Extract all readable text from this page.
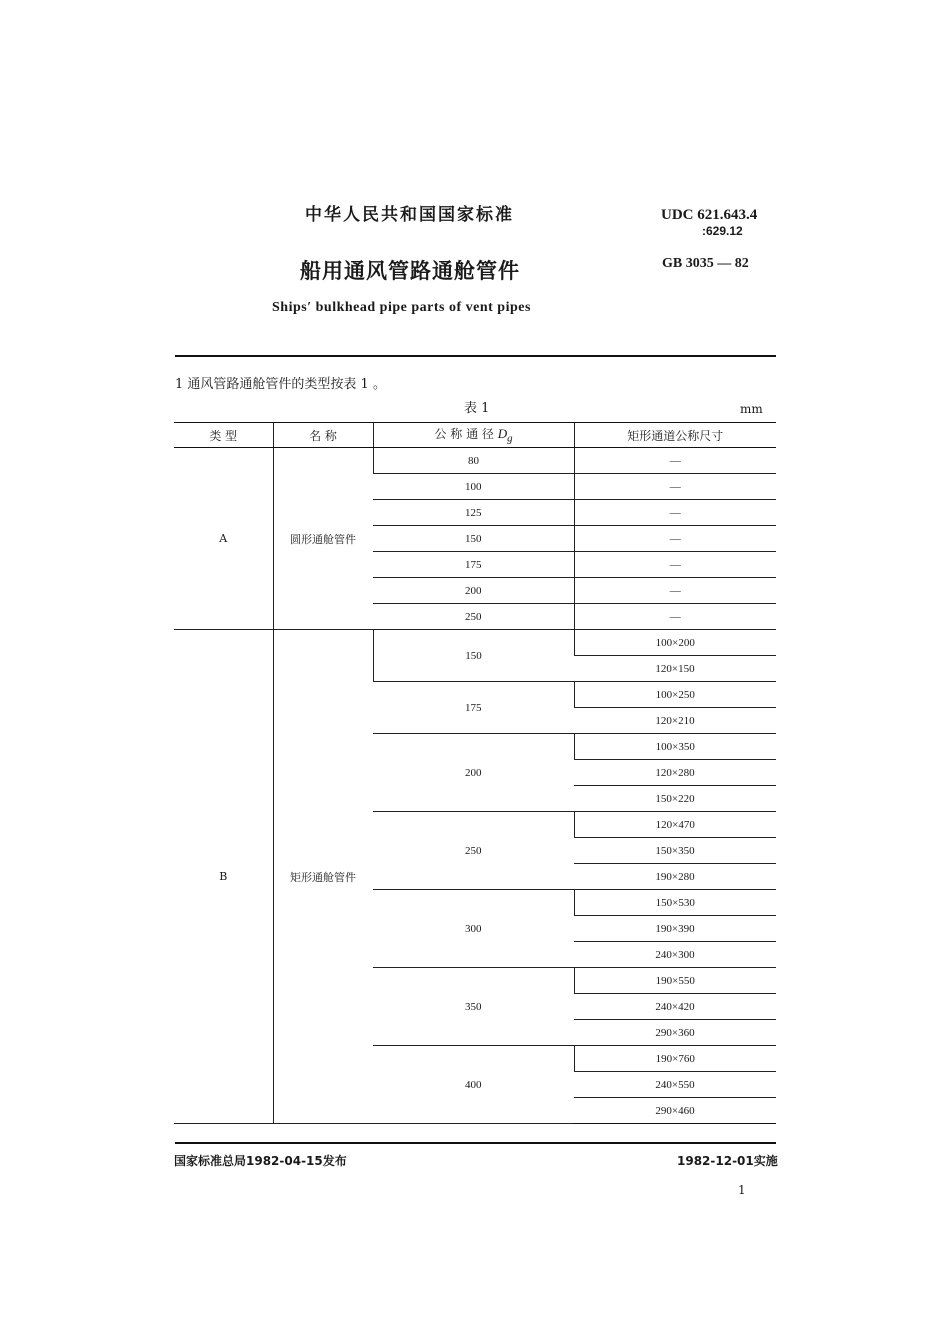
中华人民共和国国家标准
船用通风管路通舱管件
Ships′ bulkhead pipe parts of vent pipes
UDC 621.643.4
:629.12
GB 3035 — 82
1 通风管路通舱管件的类型按表 1 。
表 1	mm
类 型	名 称	公 称 通 径 $D_g$	矩形通道公称尺寸
A	圆形通舱管件	80	—
		100	—
		125	—
		150	—
		175	—
		200	—
		250	—
B	矩形通舱管件	150	100×200
			120×150
		175	100×250
			120×210
		200	100×350
			120×280
			150×220
		250	120×470
			150×350
			190×280
		300	150×530
			190×390
			240×300
		350	190×550
			240×420
			290×360
		400	190×760
			240×550
			290×460
国家标准总局1982-04-15发布	1982-12-01实施
1
